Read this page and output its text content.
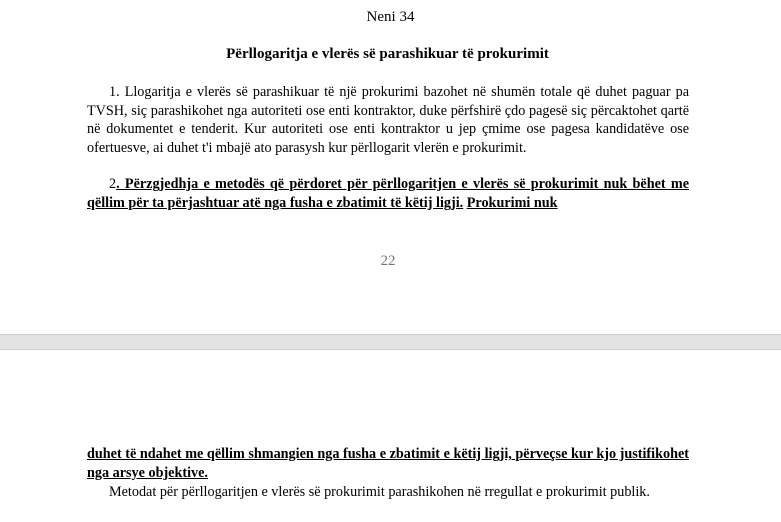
Neni 34
Përllogaritja e vlerës së parashikuar të prokurimit
1. Llogaritja e vlerës së parashikuar të një prokurimi bazohet në shumën totale që duhet paguar pa TVSH, siç parashikohet nga autoriteti ose enti kontraktor, duke përfshirë çdo pagesë siç përcaktohet qartë në dokumentet e tenderit. Kur autoriteti ose enti kontraktor u jep çmime ose pagesa kandidatëve ose ofertuesve, ai duhet t'i mbajë ato parasysh kur përllogarit vlerën e prokurimit.
2. Përzgjedhja e metodës që përdoret për përllogaritjen e vlerës së prokurimit nuk bëhet me qëllim për ta përjashtuar atë nga fusha e zbatimit të këtij ligji. Prokurimi nuk
22
duhet të ndahet me qëllim shmangien nga fusha e zbatimit e këtij ligji, përveçse kur kjo justifikohet nga arsye objektive.
Metodat për përllogaritjen e vlerës së prokurimit parashikohen në rregullat e prokurimit publik.
